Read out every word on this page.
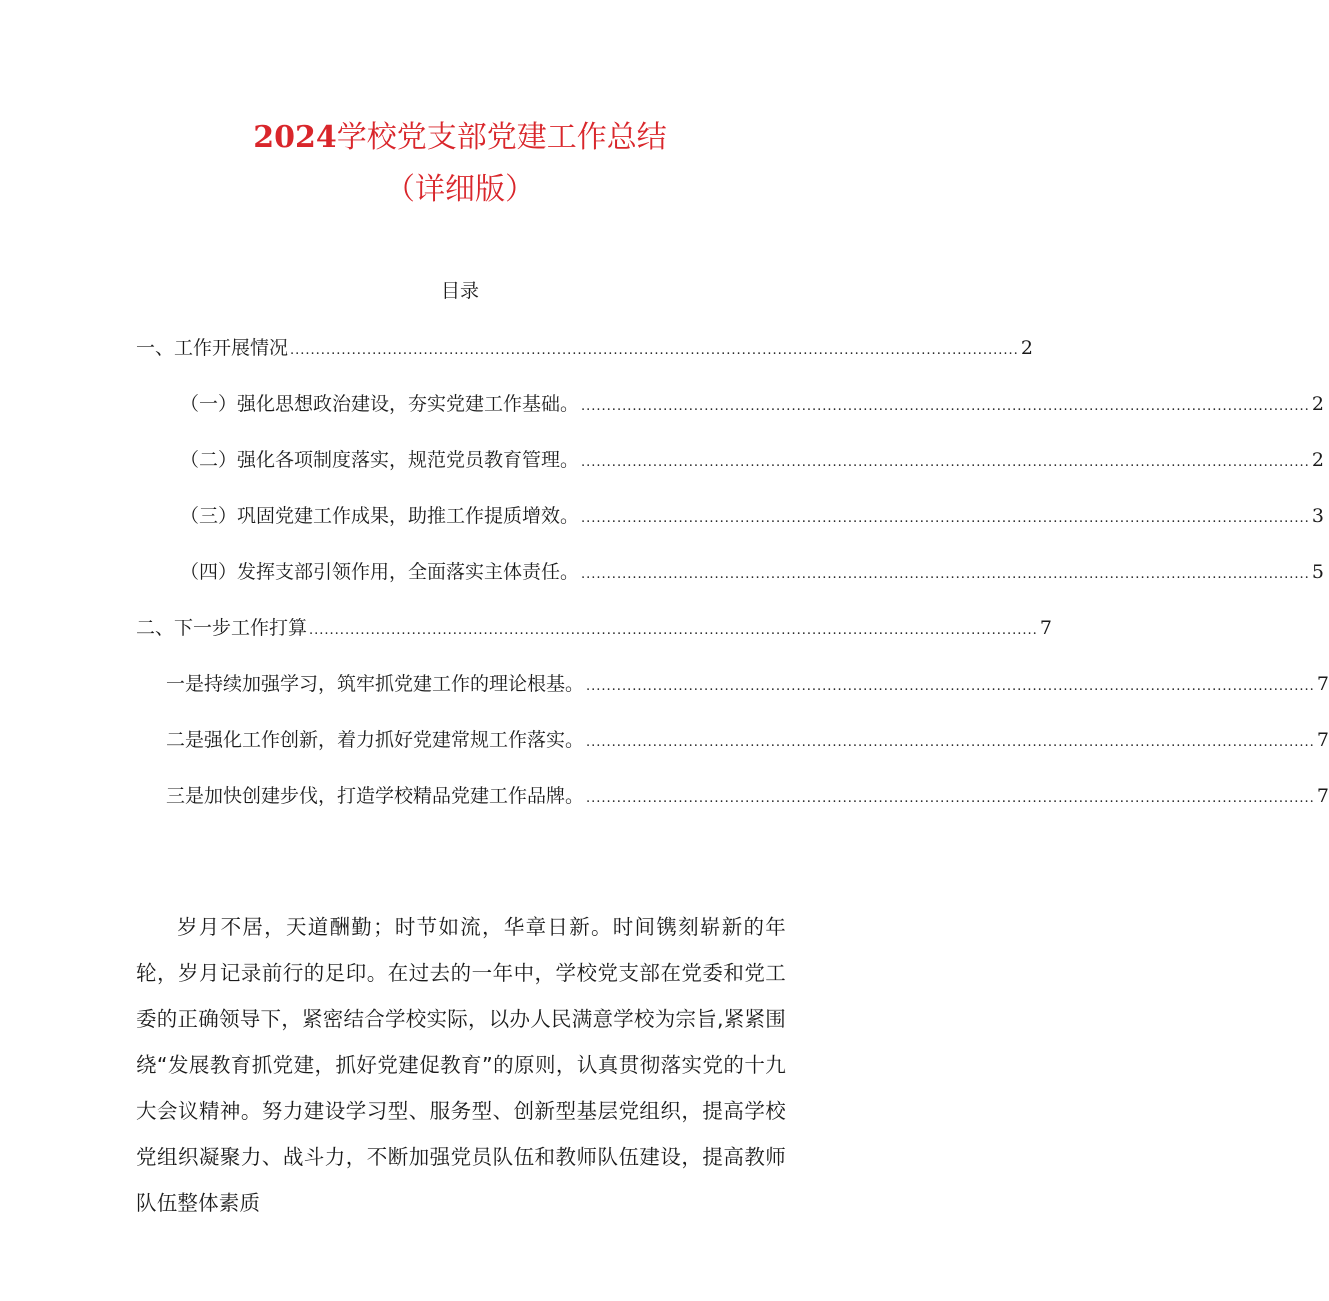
2024学校党支部党建工作总结
（详细版）
目录
一、工作开展情况 .............................................................................................................................................. 2
（一）强化思想政治建设，夯实党建工作基础。 .............................................................................................................................................. 2
（二）强化各项制度落实，规范党员教育管理。 .............................................................................................................................................. 2
（三）巩固党建工作成果，助推工作提质增效。 .............................................................................................................................................. 3
（四）发挥支部引领作用，全面落实主体责任。 .............................................................................................................................................. 5
二、下一步工作打算 .............................................................................................................................................. 7
一是持续加强学习，筑牢抓党建工作的理论根基。 .............................................................................................................................................. 7
二是强化工作创新，着力抓好党建常规工作落实。 .............................................................................................................................................. 7
三是加快创建步伐，打造学校精品党建工作品牌。 .............................................................................................................................................. 7
岁月不居，天道酬勤；时节如流，华章日新。时间镌刻崭新的年轮，岁月记录前行的足印。在过去的一年中，学校党支部在党委和党工委的正确领导下，紧密结合学校实际，以办人民满意学校为宗旨,紧紧围绕“发展教育抓党建，抓好党建促教育”的原则，认真贯彻落实党的十九大会议精神。努力建设学习型、服务型、创新型基层党组织，提高学校党组织凝聚力、战斗力，不断加强党员队伍和教师队伍建设，提高教师队伍整体素质
